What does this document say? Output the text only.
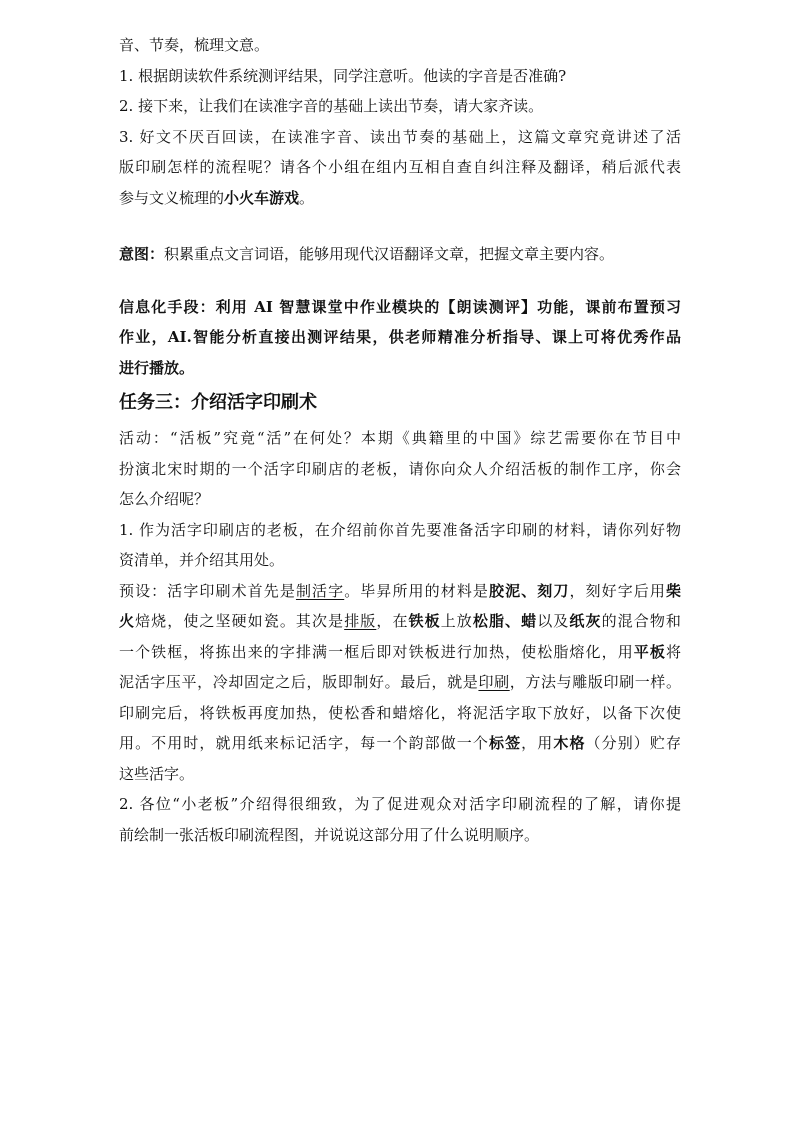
音、节奏，梳理文意。

1. 根据朗读软件系统测评结果，同学注意听。他读的字音是否准确?

2. 接下来，让我们在读准字音的基础上读出节奏，请大家齐读。

3. 好文不厌百回读，在读准字音、读出节奏的基础上，这篇文章究竟讲述了活

版印刷怎样的流程呢？请各个小组在组内互相自查自纠注释及翻译，稍后派代表

参与文义梳理的小火车游戏。

意图：积累重点文言词语，能够用现代汉语翻译文章，把握文章主要内容。

信息化手段：利用 AI 智慧课堂中作业模块的【朗读测评】功能，课前布置预习

作业，AI.智能分析直接出测评结果，供老师精准分析指导、课上可将优秀作品

进行播放。

任务三：介绍活字印刷术

活动：“活板”究竟“活”在何处？本期《典籍里的中国》综艺需要你在节目中

扮演北宋时期的一个活字印刷店的老板，请你向众人介绍活板的制作工序，你会

怎么介绍呢？

1. 作为活字印刷店的老板，在介绍前你首先要准备活字印刷的材料，请你列好物

资清单，并介绍其用处。

预设：活字印刷术首先是制活字。毕昇所用的材料是胶泥、刻刀，刻好字后用柴

火焙烧，使之坚硬如瓷。其次是排版，在铁板上放松脂、蜡以及纸灰的混合物和

一个铁框，将拣出来的字排满一框后即对铁板进行加热，使松脂熔化，用平板将

泥活字压平，冷却固定之后，版即制好。最后，就是印刷，方法与雕版印刷一样。

印刷完后，将铁板再度加热，使松香和蜡熔化，将泥活字取下放好，以备下次使

用。不用时，就用纸来标记活字，每一个韵部做一个标签，用木格（分别）贮存

这些活字。

2. 各位“小老板”介绍得很细致，为了促进观众对活字印刷流程的了解，请你提

前绘制一张活板印刷流程图，并说说这部分用了什么说明顺序。
